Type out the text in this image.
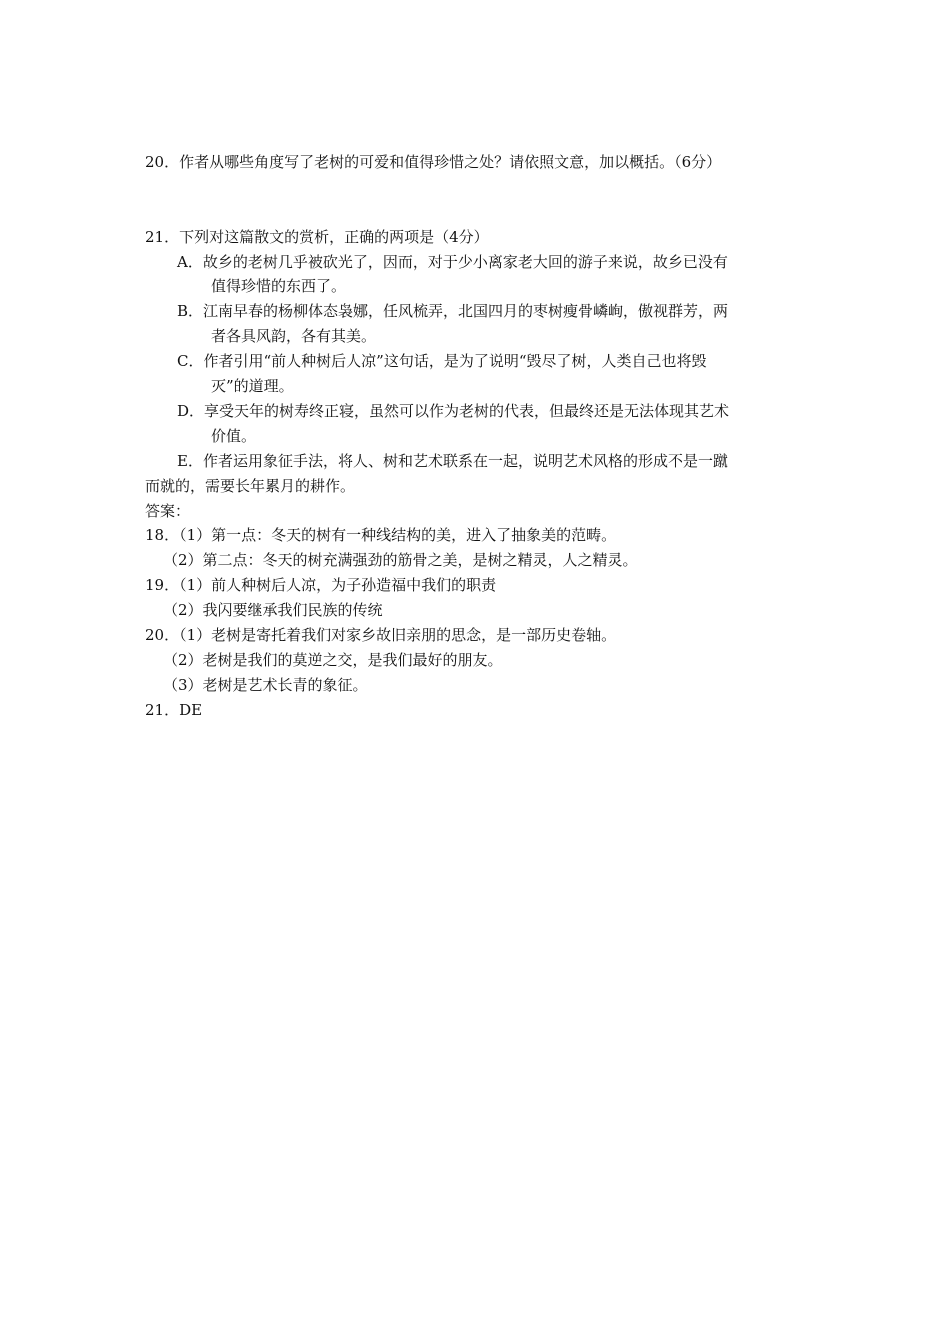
20．作者从哪些角度写了老树的可爱和值得珍惜之处？请依照文意，加以概括。（6分）
21．下列对这篇散文的赏析，正确的两项是（4分）
A．故乡的老树几乎被砍光了，因而，对于少小离家老大回的游子来说，故乡已没有
值得珍惜的东西了。
B．江南早春的杨柳体态袅娜，任风梳弄，北国四月的枣树瘦骨嶙峋，傲视群芳，两
者各具风韵，各有其美。
C．作者引用“前人种树后人凉”这句话，是为了说明“毁尽了树，人类自己也将毁
灭”的道理。
D．享受天年的树寿终正寝，虽然可以作为老树的代表，但最终还是无法体现其艺术
价值。
E．作者运用象征手法，将人、树和艺术联系在一起，说明艺术风格的形成不是一蹴
而就的，需要长年累月的耕作。
答案：
18．（1）第一点：冬天的树有一种线结构的美，进入了抽象美的范畴。
（2）第二点：冬天的树充满强劲的筋骨之美，是树之精灵，人之精灵。
19．（1）前人种树后人凉，为子孙造福中我们的职责
（2）我闪要继承我们民族的传统
20．（1）老树是寄托着我们对家乡故旧亲朋的思念，是一部历史卷轴。
（2）老树是我们的莫逆之交，是我们最好的朋友。
（3）老树是艺术长青的象征。
21．DE
